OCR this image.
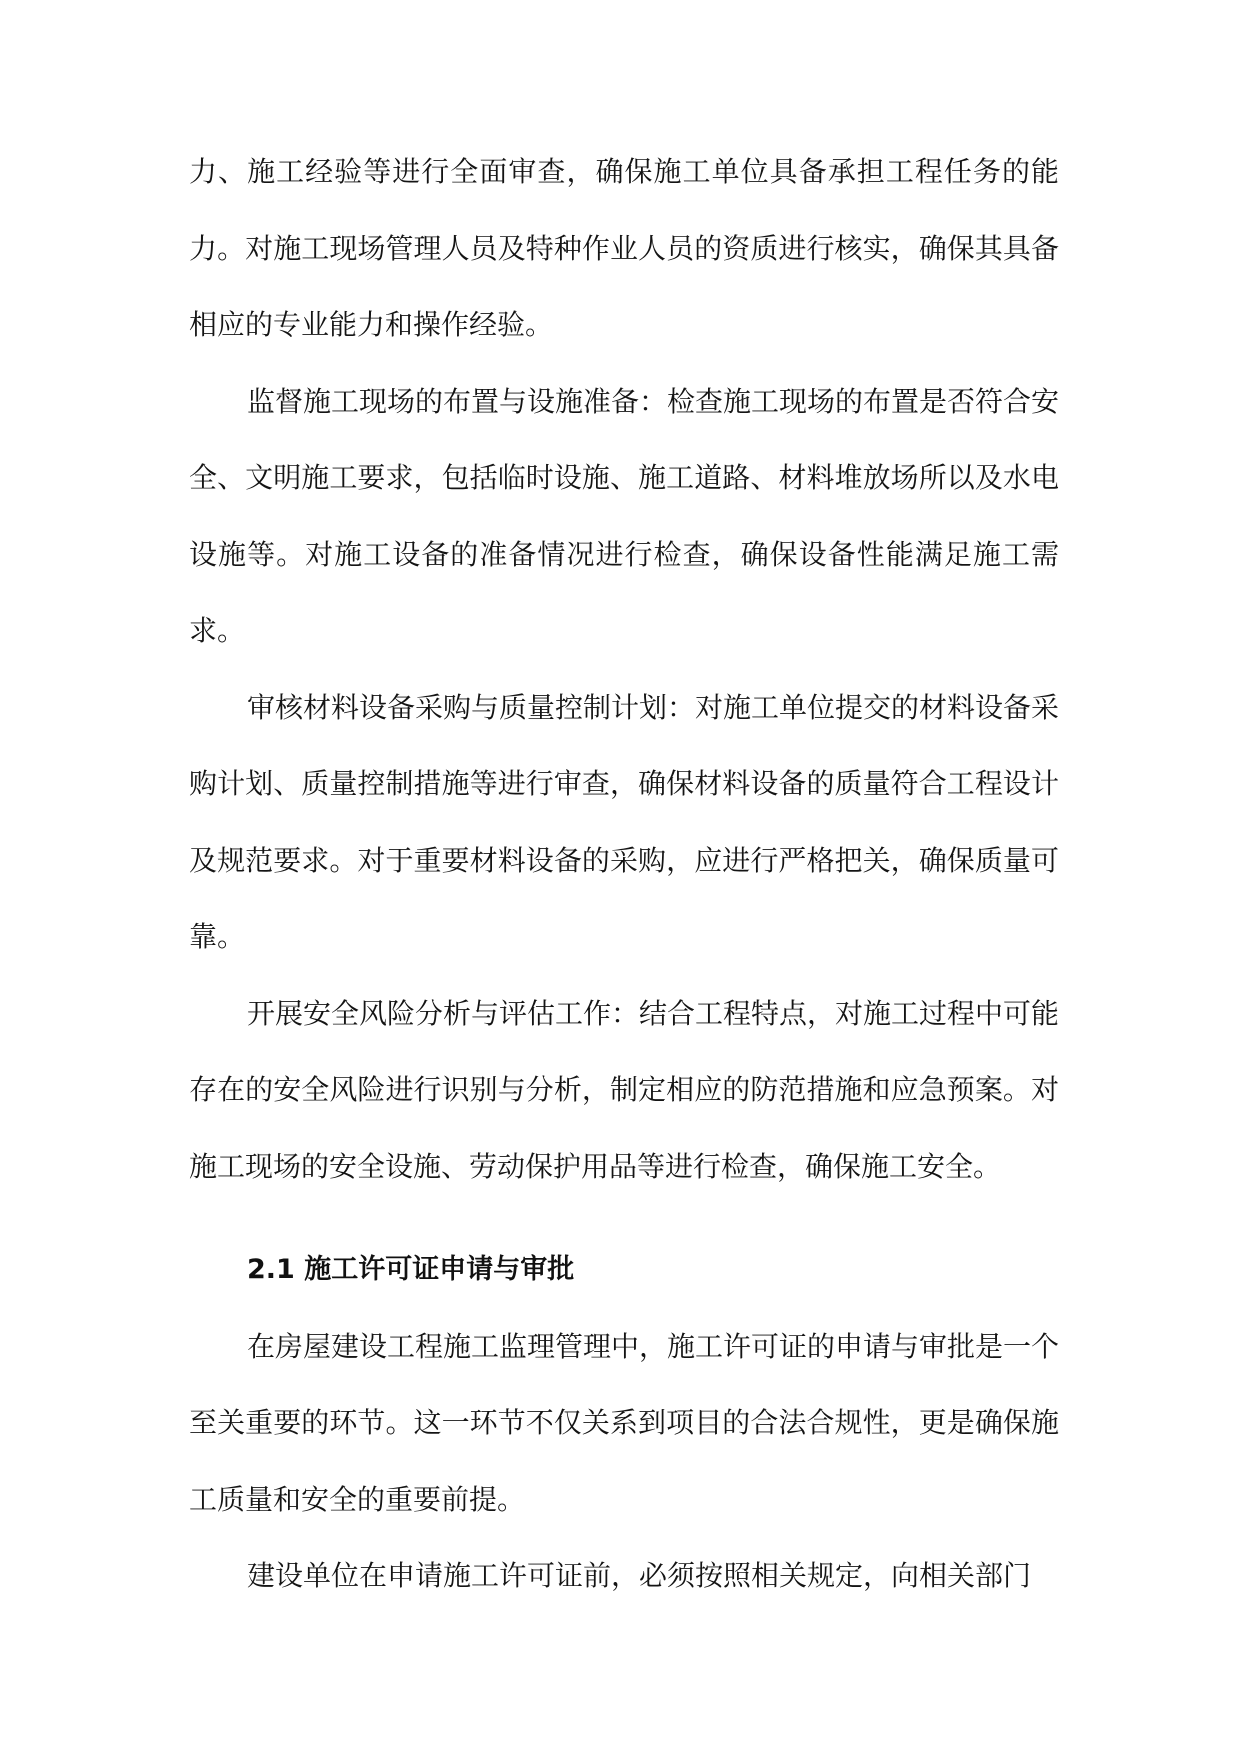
力、施工经验等进行全面审查，确保施工单位具备承担工程任务的能力。对施工现场管理人员及特种作业人员的资质进行核实，确保其具备相应的专业能力和操作经验。

监督施工现场的布置与设施准备：检查施工现场的布置是否符合安全、文明施工要求，包括临时设施、施工道路、材料堆放场所以及水电设施等。对施工设备的准备情况进行检查，确保设备性能满足施工需求。

审核材料设备采购与质量控制计划：对施工单位提交的材料设备采购计划、质量控制措施等进行审查，确保材料设备的质量符合工程设计及规范要求。对于重要材料设备的采购，应进行严格把关，确保质量可靠。

开展安全风险分析与评估工作：结合工程特点，对施工过程中可能存在的安全风险进行识别与分析，制定相应的防范措施和应急预案。对施工现场的安全设施、劳动保护用品等进行检查，确保施工安全。

2.1 施工许可证申请与审批

在房屋建设工程施工监理管理中，施工许可证的申请与审批是一个至关重要的环节。这一环节不仅关系到项目的合法合规性，更是确保施工质量和安全的重要前提。

建设单位在申请施工许可证前，必须按照相关规定，向相关部门
